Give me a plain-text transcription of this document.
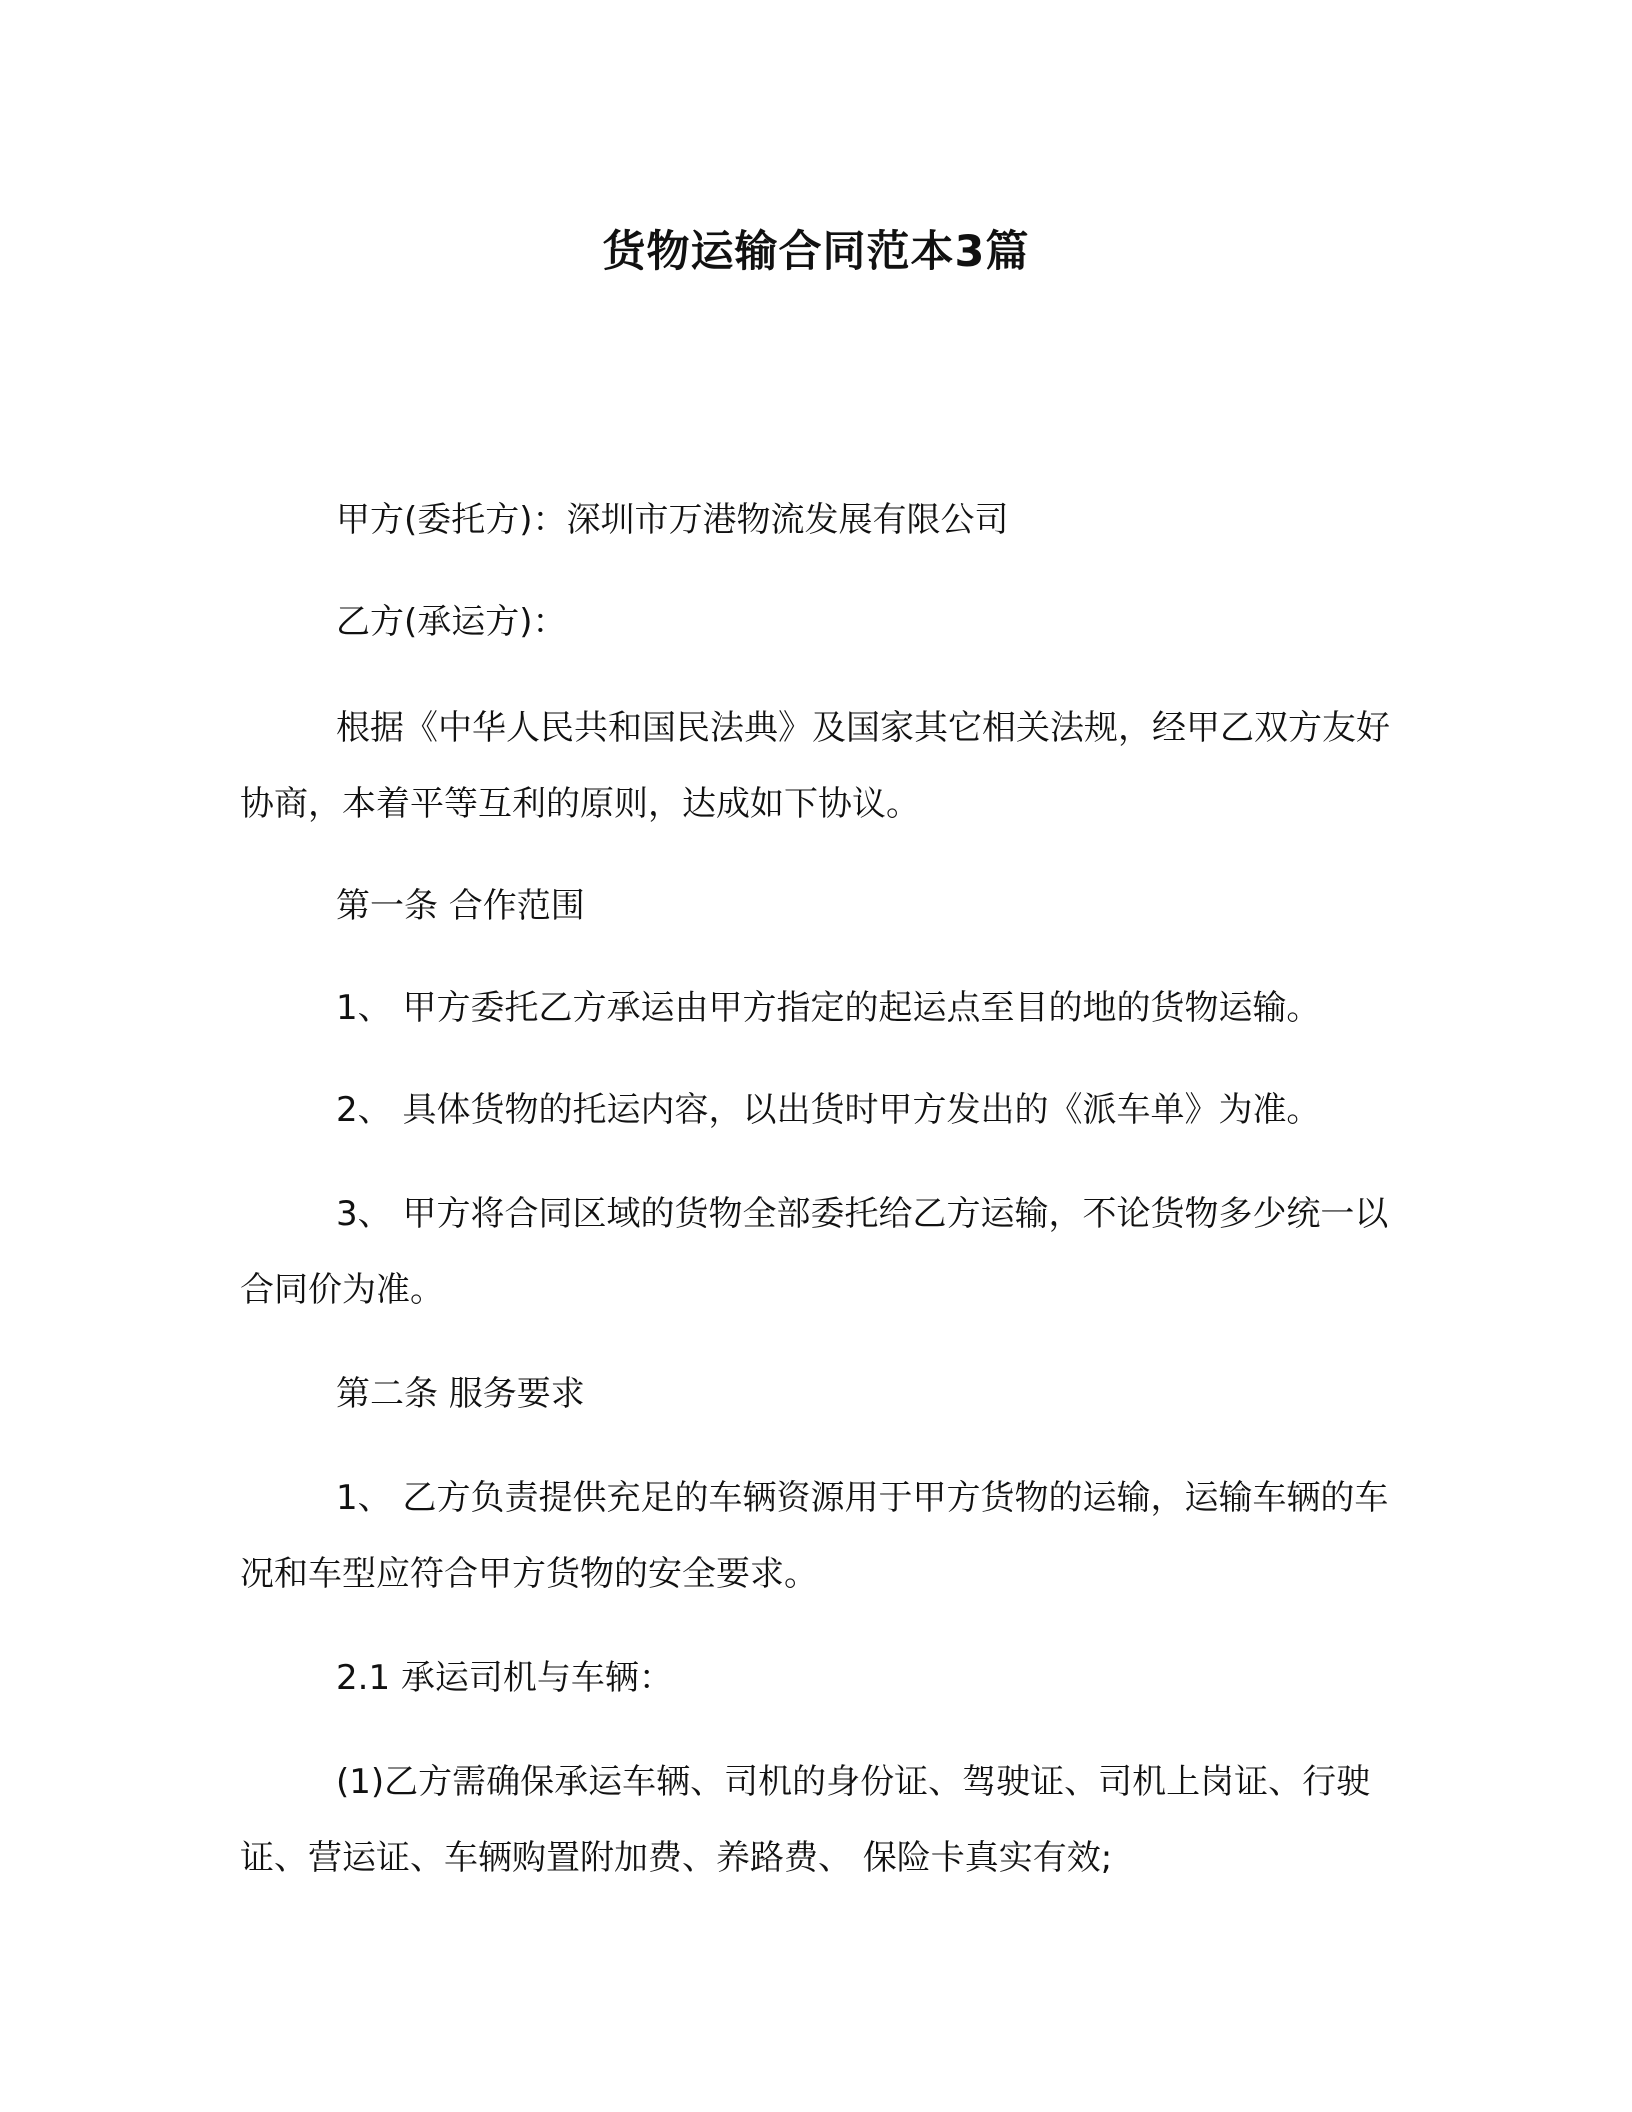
货物运输合同范本3篇

甲方(委托方)：深圳市万港物流发展有限公司

乙方(承运方)：

根据《中华人民共和国民法典》及国家其它相关法规，经甲乙双方友好协商，本着平等互利的原则，达成如下协议。

第一条 合作范围

1、 甲方委托乙方承运由甲方指定的起运点至目的地的货物运输。

2、 具体货物的托运内容，以出货时甲方发出的《派车单》为准。

3、 甲方将合同区域的货物全部委托给乙方运输，不论货物多少统一以合同价为准。

第二条 服务要求

1、 乙方负责提供充足的车辆资源用于甲方货物的运输，运输车辆的车况和车型应符合甲方货物的安全要求。

2.1 承运司机与车辆：

(1)乙方需确保承运车辆、司机的身份证、驾驶证、司机上岗证、行驶证、营运证、车辆购置附加费、养路费、 保险卡真实有效;
